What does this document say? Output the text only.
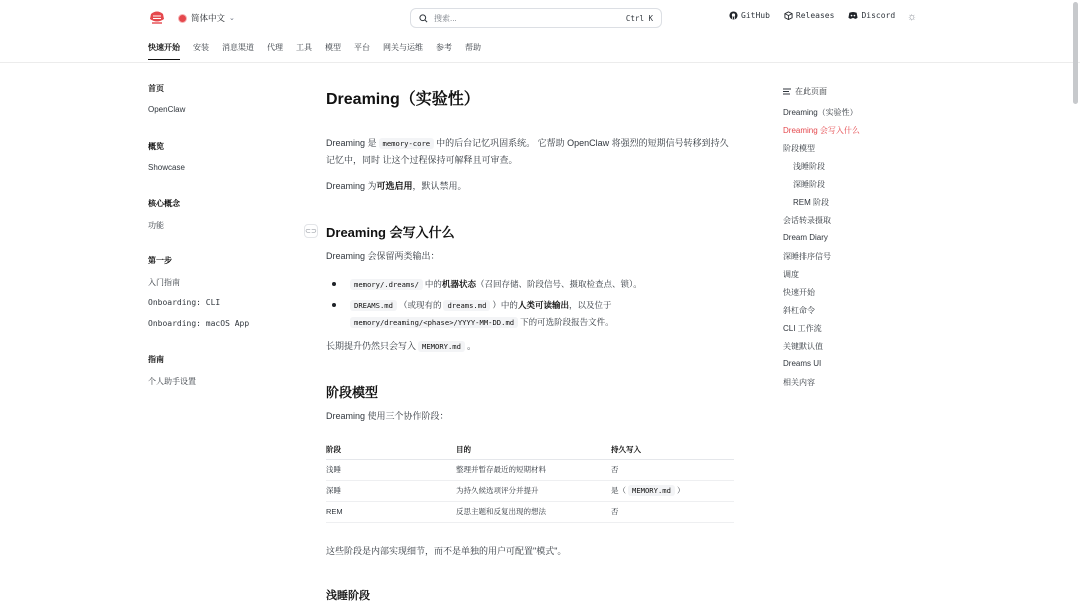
简体中文 ⌄
搜索...	Ctrl K	GitHub	Releases	Discord ☼
快速开始 安装 消息渠道 代理 工具 模型 平台 网关与运维 参考 帮助
首页
OpenClaw
概览
Showcase
核心概念
功能
第一步
入门指南
Onboarding: CLI
Onboarding: macOS App
指南
个人助手设置
Dreaming（实验性）
Dreaming 是 memory-core 中的后台记忆巩固系统。 它帮助 OpenClaw 将强烈的短期信号转移到持久记忆中，同时 让这个过程保持可解释且可审查。
Dreaming 为可选启用，默认禁用。
⊂⊃ Dreaming 会写入什么
Dreaming 会保留两类输出：
memory/.dreams/ 中的机器状态（召回存储、阶段信号、摄取检查点、锁）。
DREAMS.md （或现有的 dreams.md ）中的人类可读输出，以及位于
memory/dreaming/<phase>/YYYY-MM-DD.md 下的可选阶段报告文件。
长期提升仍然只会写入 MEMORY.md 。
阶段模型
Dreaming 使用三个协作阶段：
阶段	目的	持久写入
浅睡	整理并暂存最近的短期材料	否
深睡	为持久候选项评分并提升	是（ MEMORY.md ）
REM	反思主题和反复出现的想法	否
这些阶段是内部实现细节，而不是单独的用户可配置"模式"。
浅睡阶段
在此页面
Dreaming（实验性）
Dreaming 会写入什么
阶段模型
浅睡阶段
深睡阶段
REM 阶段
会话转录摄取
Dream Diary
深睡排序信号
调度
快速开始
斜杠命令
CLI 工作流
关键默认值
Dreams UI
相关内容
